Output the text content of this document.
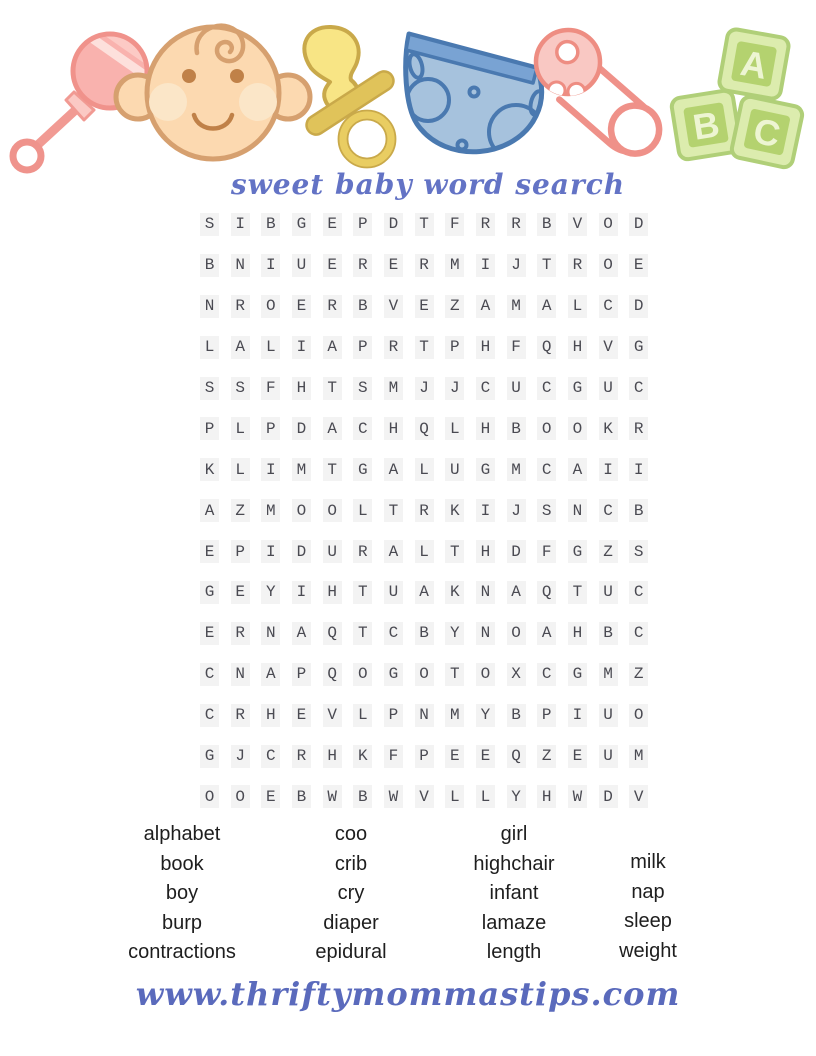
A
B C
sweet baby word search
S I B G E P D T F R R B V O D
B N I U E R E R M I J T R O E
N R O E R B V E Z A M A L C D
L A L I A P R T P H F Q H V G
S S F H T S M J J C U C G U C
P L P D A C H Q L H B O O K R
K L I M T G A L U G M C A I I
A Z M O O L T R K I J S N C B
E P I D U R A L T H D F G Z S
G E Y I H T U A K N A Q T U C
E R N A Q T C B Y N O A H B C
C N A P Q O G O T O X C G M Z
C R H E V L P N M Y B P I U O
G J C R H K F P E E Q Z E U M
O O E B W B W V L L Y H W D V
alphabet
book
boy
burp
contractions
coo
crib
cry
diaper
epidural
girl
highchair
infant
lamaze
length
milk
nap
sleep
weight
www.thriftymommastips.com
